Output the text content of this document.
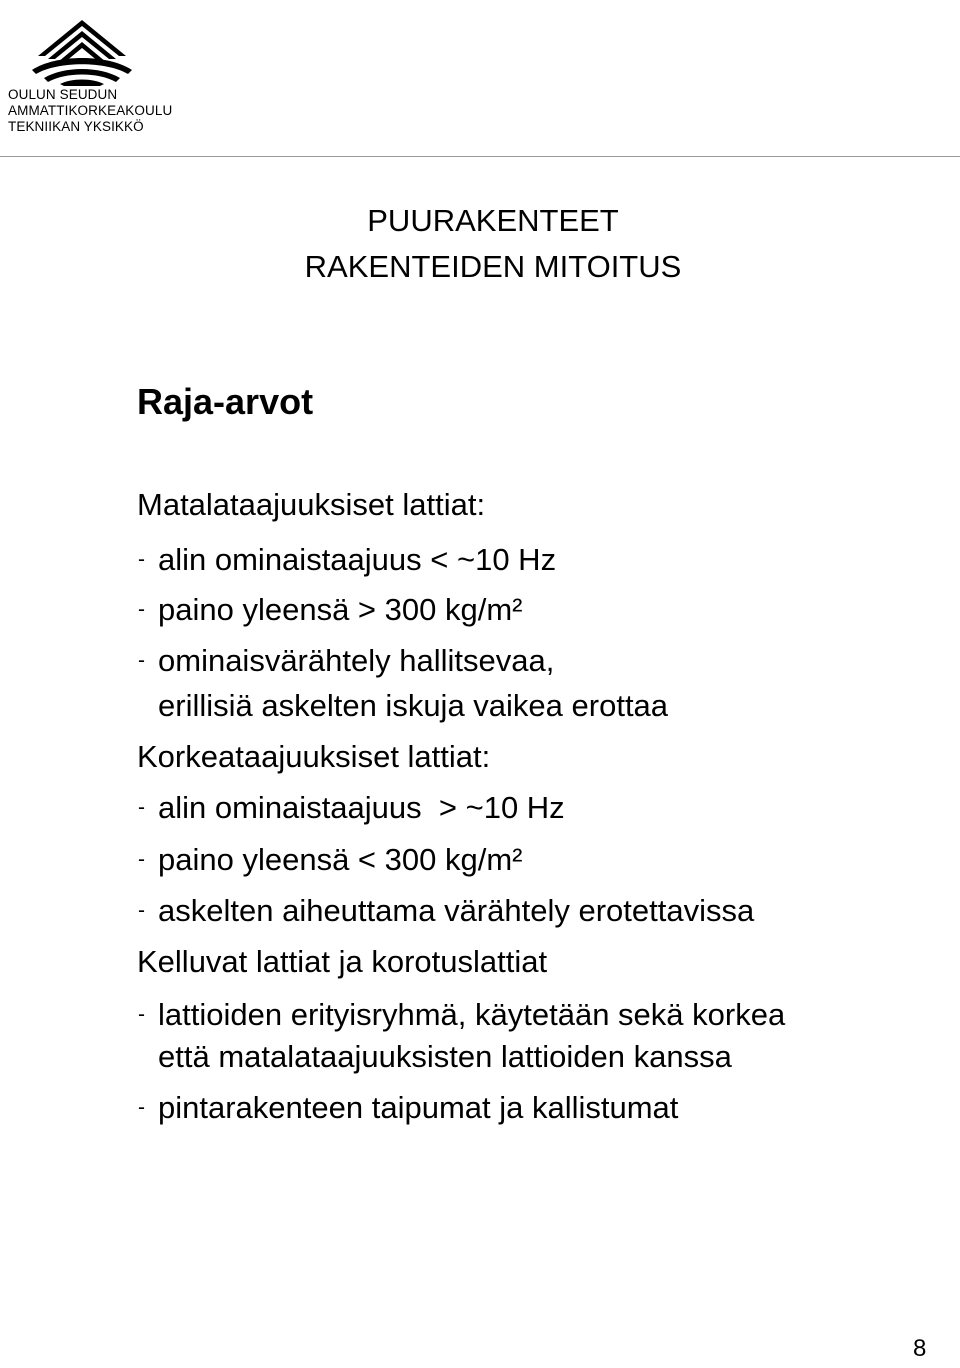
OULUN SEUDUN
AMMATTIKORKEAKOULU
TEKNIIKAN YKSIKKÖ
PUURAKENTEET
RAKENTEIDEN MITOITUS
Raja-arvot
Matalataajuuksiset lattiat:
- alin ominaistaajuus < ~10 Hz
- paino yleensä > 300 kg/m²
- ominaisvärähtely hallitsevaa,
erillisiä askelten iskuja vaikea erottaa
Korkeataajuuksiset lattiat:
- alin ominaistaajuus  > ~10 Hz
- paino yleensä < 300 kg/m²
- askelten aiheuttama värähtely erotettavissa
Kelluvat lattiat ja korotuslattiat
- lattioiden erityisryhmä, käytetään sekä korkea
että matalataajuuksisten lattioiden kanssa
- pintarakenteen taipumat ja kallistumat
8
